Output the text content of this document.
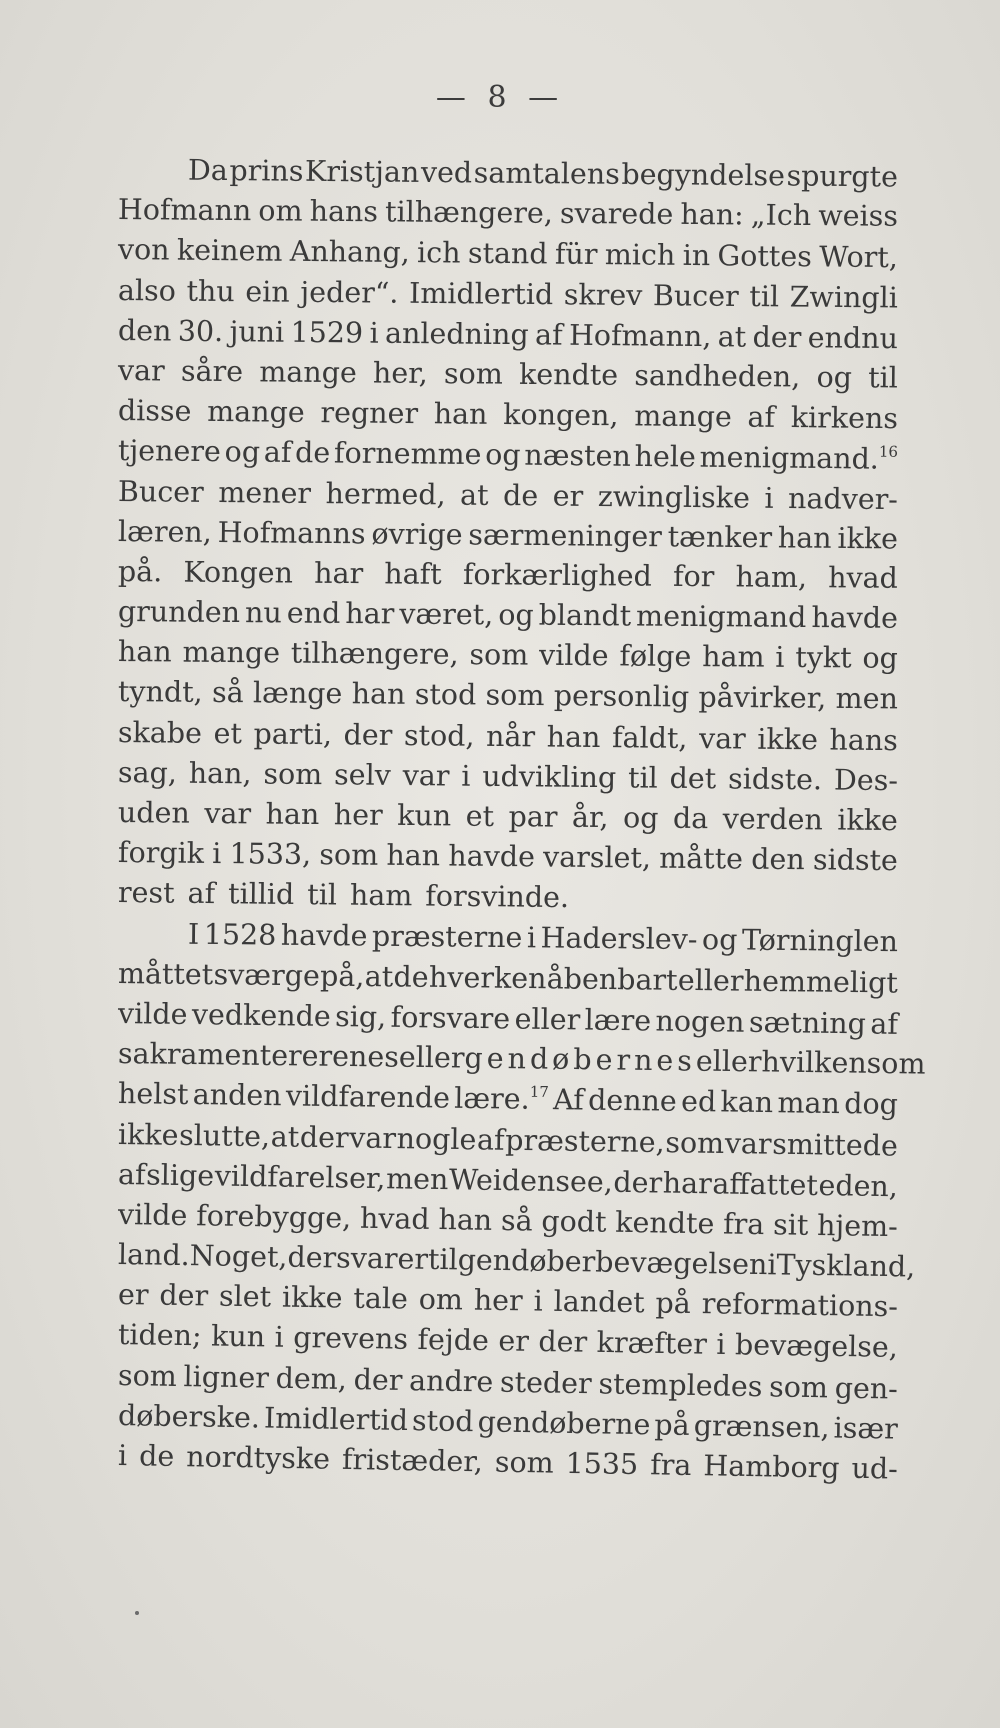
— 8 —
Da prins Kristjan ved samtalens begyndelse spurgte
Hofmann om hans tilhængere, svarede han: „Ich weiss
von keinem Anhang, ich stand für mich in Gottes Wort,
also thu ein jeder“. Imidlertid skrev Bucer til Zwingli
den 30. juni 1529 i anledning af Hofmann, at der endnu
var såre mange her, som kendte sandheden, og til
disse mange regner han kongen, mange af kirkens
tjenere og af de fornemme og næsten hele menigmand.$^{16}$
Bucer mener hermed, at de er zwingliske i nadver-
læren, Hofmanns øvrige særmeninger tænker han ikke
på. Kongen har haft forkærlighed for ham, hvad
grunden nu end har været, og blandt menigmand havde
han mange tilhængere, som vilde følge ham i tykt og
tyndt, så længe han stod som personlig påvirker, men
skabe et parti, der stod, når han faldt, var ikke hans
sag, han, som selv var i udvikling til det sidste. Des-
uden var han her kun et par år, og da verden ikke
forgik i 1533, som han havde varslet, måtte den sidste
rest af tillid til ham forsvinde.
I 1528 havde præsterne i Haderslev- og Tørninglen
måttet sværge på, at de hverken åbenbart eller hemmeligt
vilde vedkende sig, forsvare eller lære nogen sætning af
sakramentererenes eller gendøbernes eller hvilken som
helst anden vildfarende lære.$^{17}$ Af denne ed kan man dog
ikke slutte, at der var nogle af præsterne, som var smittede
af slige vildfarelser, men Weidensee, der har affattet eden,
vilde forebygge, hvad han så godt kendte fra sit hjem-
land. Noget, der svarer til gendøberbevægelsen i Tyskland,
er der slet ikke tale om her i landet på reformations-
tiden; kun i grevens fejde er der kræfter i bevægelse,
som ligner dem, der andre steder stempledes som gen-
døberske. Imidlertid stod gendøberne på grænsen, især
i de nordtyske fristæder, som 1535 fra Hamborg ud-
